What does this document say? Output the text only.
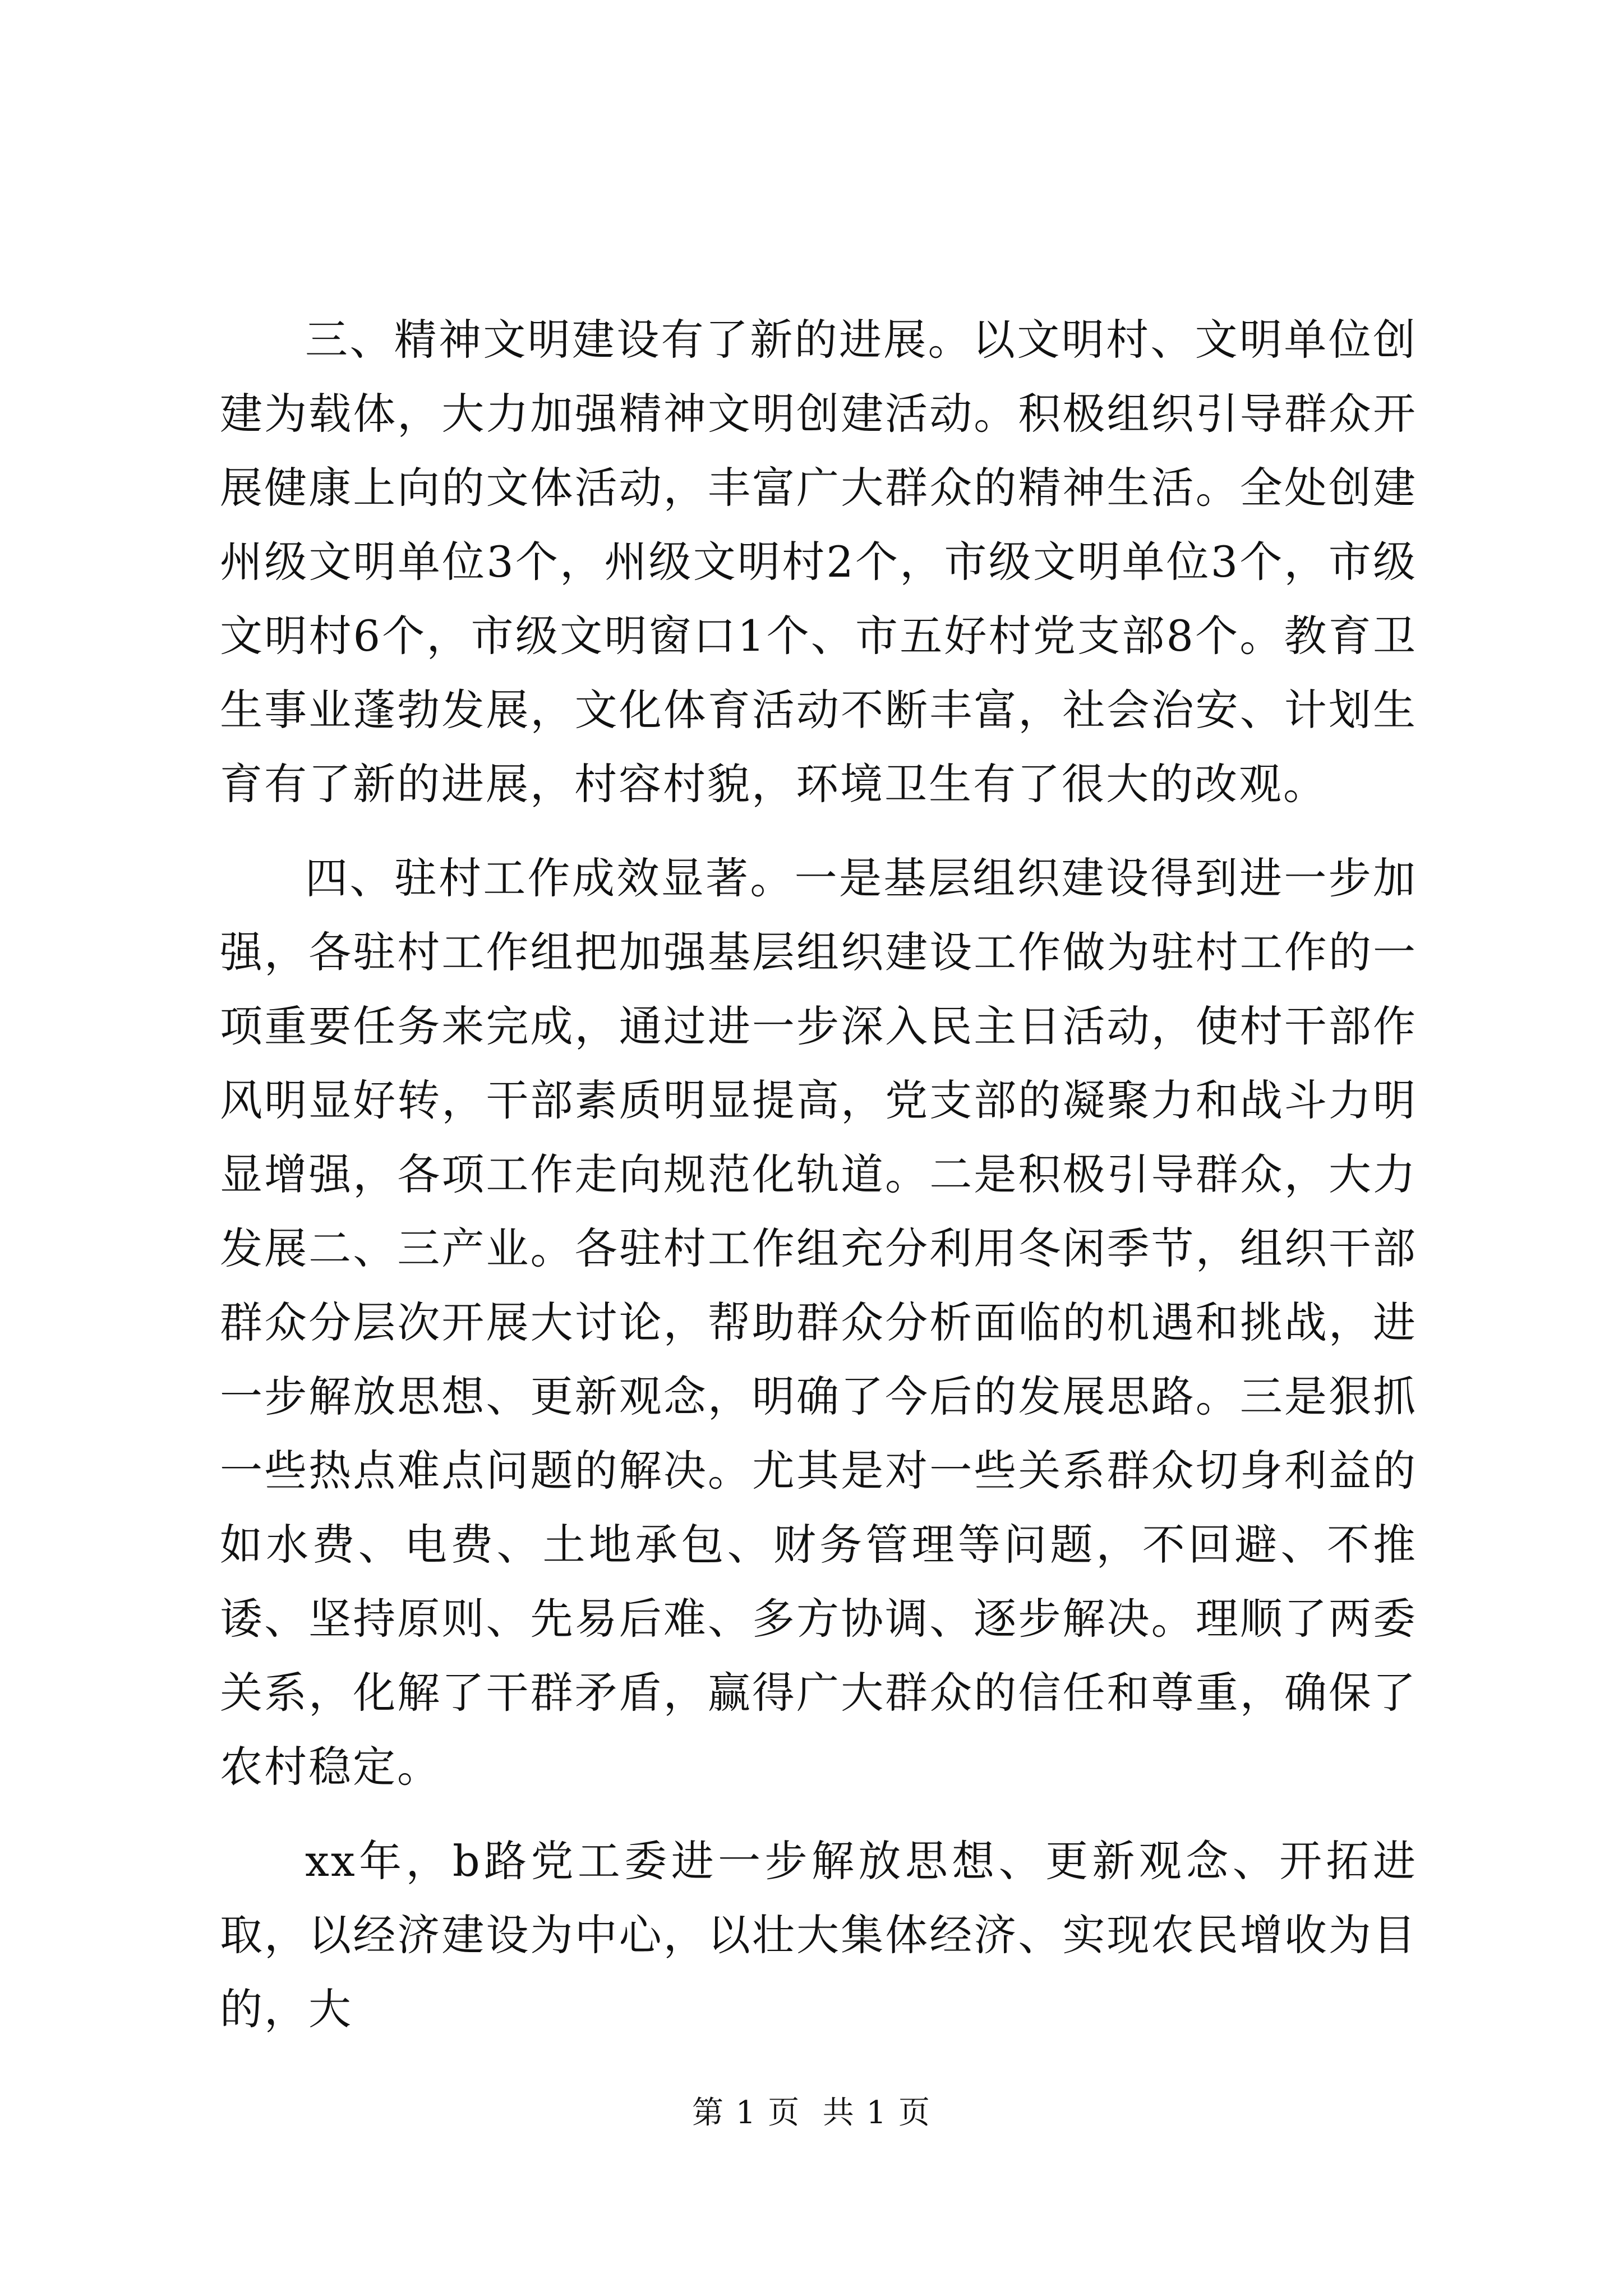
三、精神文明建设有了新的进展。以文明村、文明单位创建为载体，大力加强精神文明创建活动。积极组织引导群众开展健康上向的文体活动，丰富广大群众的精神生活。全处创建州级文明单位3个，州级文明村2个，市级文明单位3个，市级文明村6个，市级文明窗口1个、市五好村党支部8个。教育卫生事业蓬勃发展，文化体育活动不断丰富，社会治安、计划生育有了新的进展，村容村貌，环境卫生有了很大的改观。

四、驻村工作成效显著。一是基层组织建设得到进一步加强，各驻村工作组把加强基层组织建设工作做为驻村工作的一项重要任务来完成，通过进一步深入民主日活动，使村干部作风明显好转，干部素质明显提高，党支部的凝聚力和战斗力明显增强，各项工作走向规范化轨道。二是积极引导群众，大力发展二、三产业。各驻村工作组充分利用冬闲季节，组织干部群众分层次开展大讨论，帮助群众分析面临的机遇和挑战，进一步解放思想、更新观念，明确了今后的发展思路。三是狠抓一些热点难点问题的解决。尤其是对一些关系群众切身利益的如水费、电费、土地承包、财务管理等问题，不回避、不推诿、坚持原则、先易后难、多方协调、逐步解决。理顺了两委关系，化解了干群矛盾，赢得广大群众的信任和尊重，确保了农村稳定。

xx年，b路党工委进一步解放思想、更新观念、开拓进取，以经济建设为中心，以壮大集体经济、实现农民增收为目的，大

第 1 页  共 1 页
